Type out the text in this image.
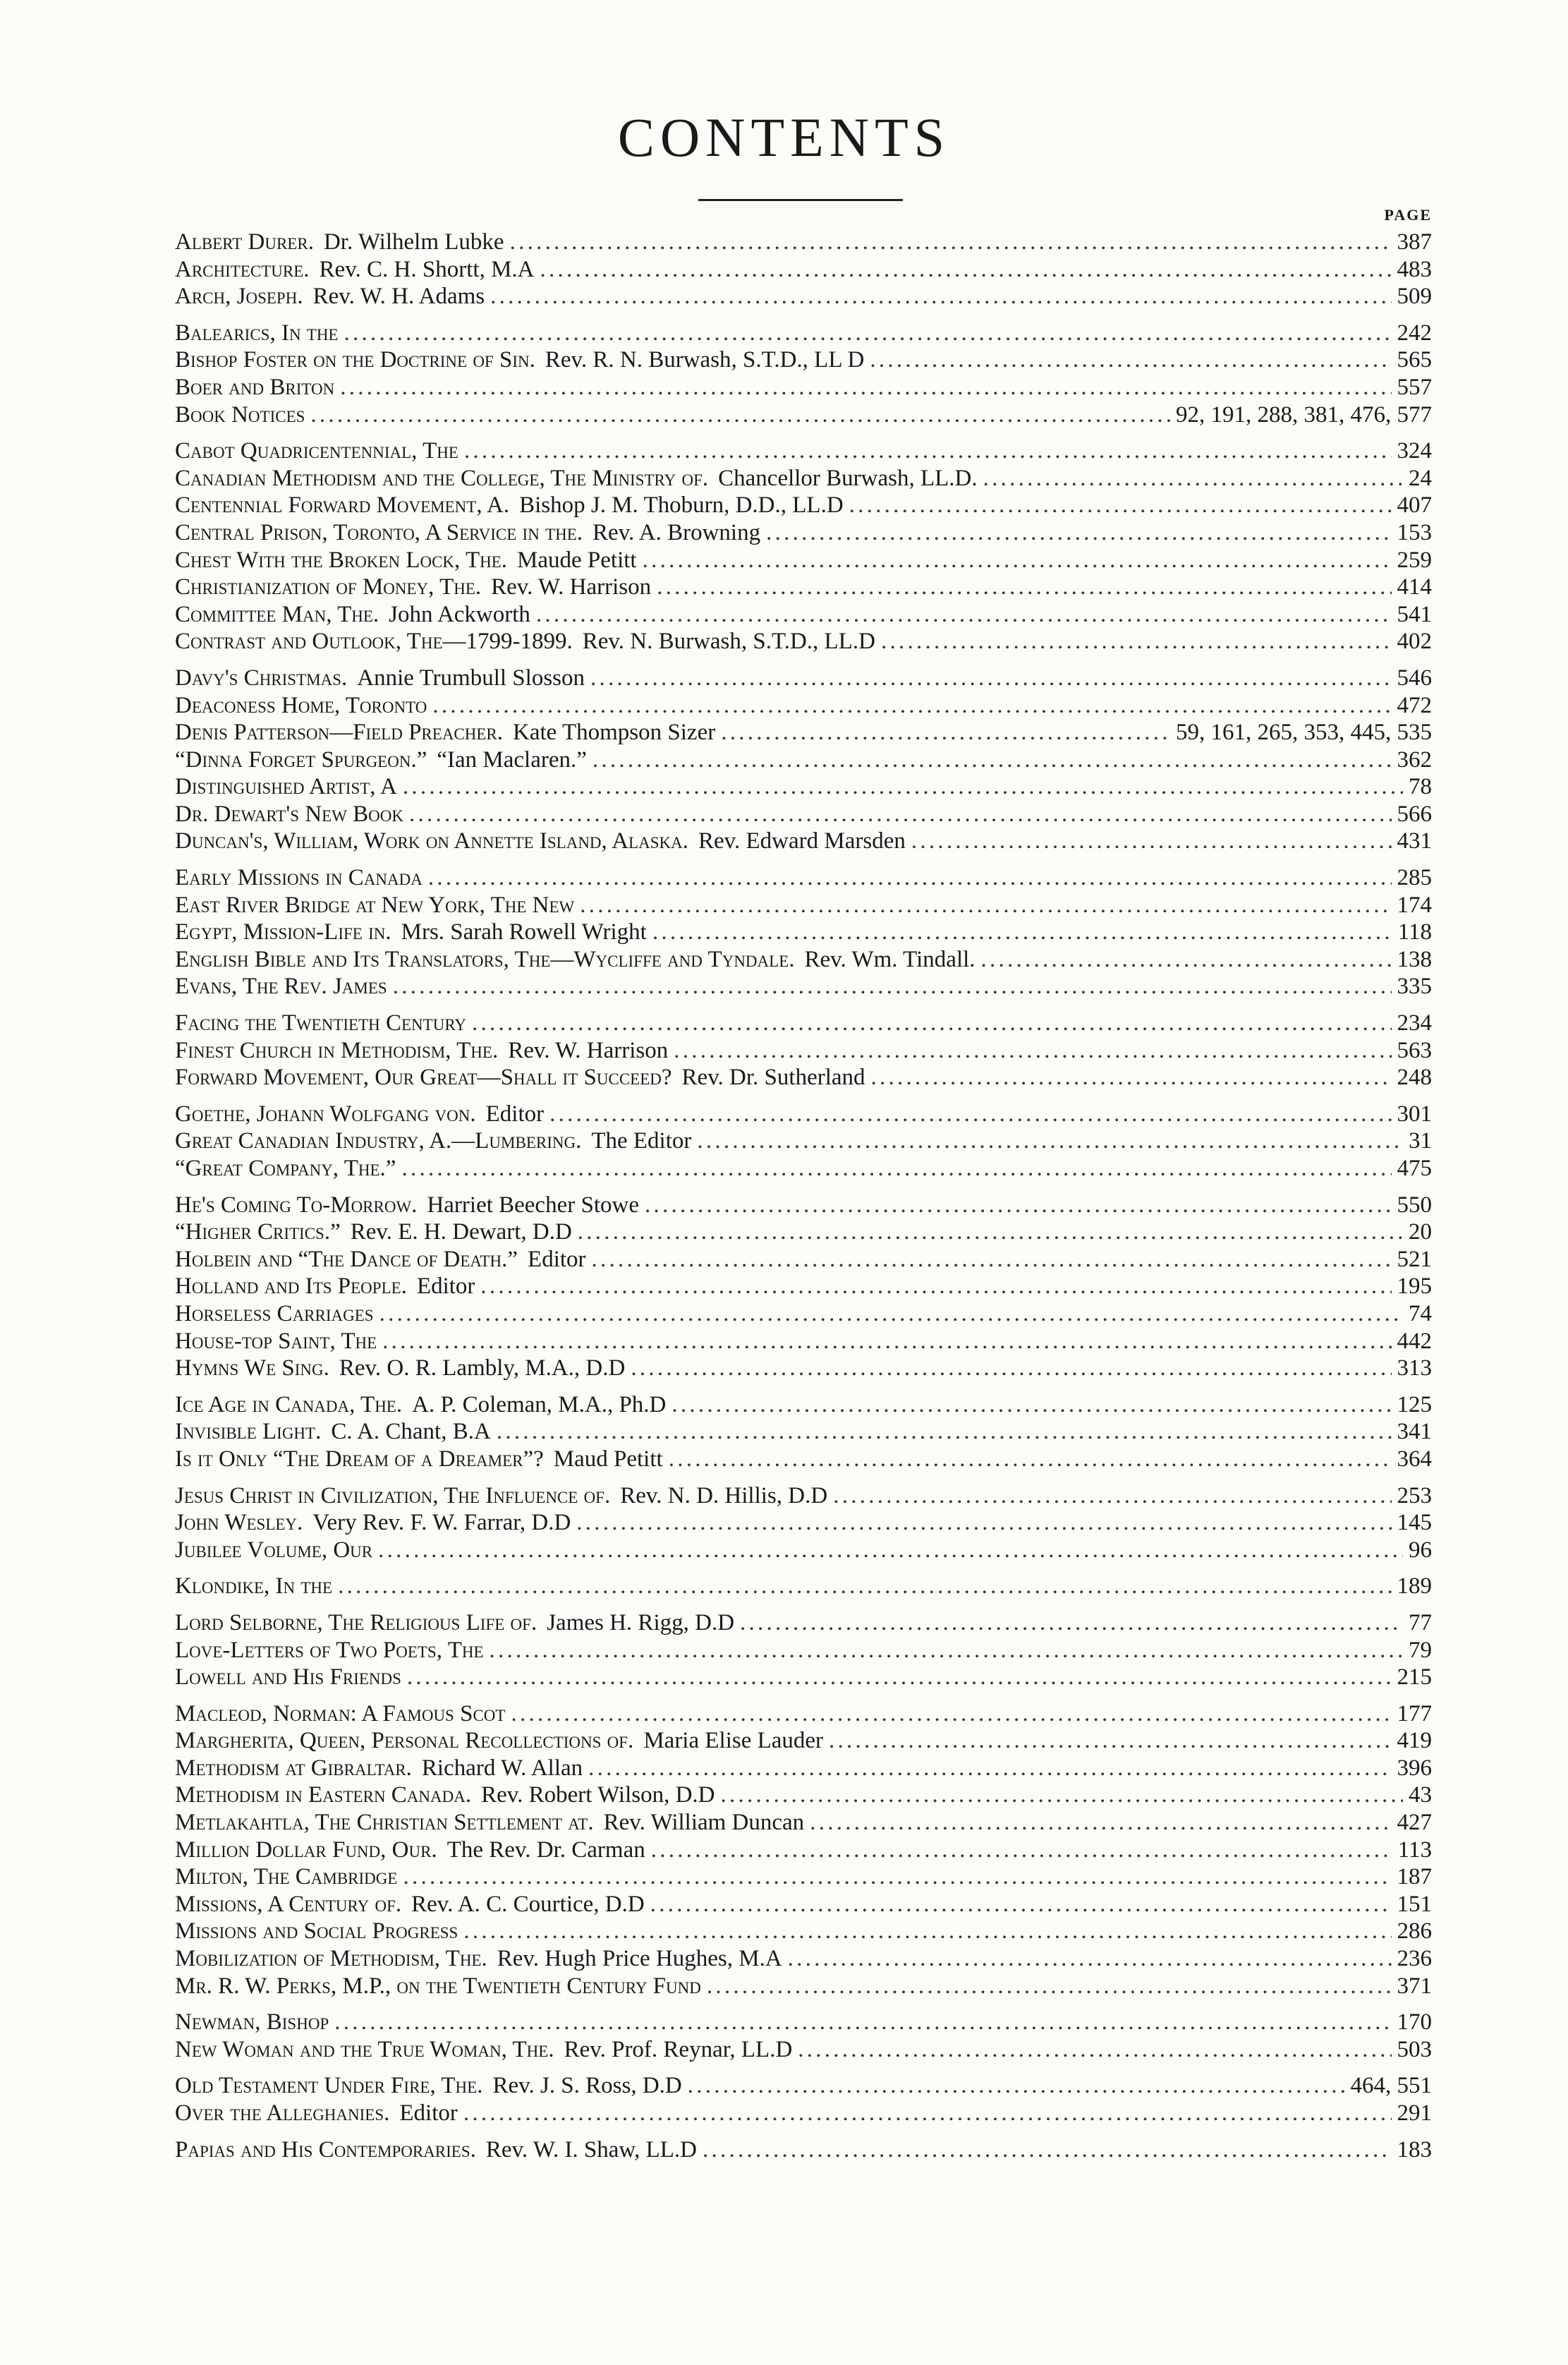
CONTENTS
PAGE
Albert Durer. Dr. Wilhelm Lubke . . .	387
Architecture. Rev. C. H. Shortt, M.A . . .	483
Arch, Joseph. Rev. W. H. Adams . . .	509
Balearics, In the . . .	242
Bishop Foster on the Doctrine of Sin. Rev. R. N. Burwash, S.T.D., LL D . . .	565
Boer and Briton . . .	557
Book Notices . . .	92, 191, 288, 381, 476, 577
Cabot Quadricentennial, The . . .	324
Canadian Methodism and the College, The Ministry of. Chancellor Burwash, LL.D. . . .	24
Centennial Forward Movement, A. Bishop J. M. Thoburn, D.D., LL.D . . .	407
Central Prison, Toronto, A Service in the. Rev. A. Browning . . .	153
Chest With the Broken Lock, The. Maude Petitt . . .	259
Christianization of Money, The. Rev. W. Harrison . . .	414
Committee Man, The. John Ackworth . . .	541
Contrast and Outlook, The—1799-1899. Rev. N. Burwash, S.T.D., LL.D . . .	402
Davy's Christmas. Annie Trumbull Slosson . . .	546
Deaconess Home, Toronto . . .	472
Denis Patterson—Field Preacher. Kate Thompson Sizer . . .	59, 161, 265, 353, 445, 535
“Dinna Forget Spurgeon.” “Ian Maclaren.” . . .	362
Distinguished Artist, A . . .	78
Dr. Dewart's New Book . . .	566
Duncan's, William, Work on Annette Island, Alaska. Rev. Edward Marsden . . .	431
Early Missions in Canada . . .	285
East River Bridge at New York, The New . . .	174
Egypt, Mission-Life in. Mrs. Sarah Rowell Wright . . .	118
English Bible and Its Translators, The—Wycliffe and Tyndale. Rev. Wm. Tindall. . . .	138
Evans, The Rev. James . . .	335
Facing the Twentieth Century . . .	234
Finest Church in Methodism, The. Rev. W. Harrison . . .	563
Forward Movement, Our Great—Shall it Succeed? Rev. Dr. Sutherland . . .	248
Goethe, Johann Wolfgang von. Editor . . .	301
Great Canadian Industry, A.—Lumbering. The Editor . . .	31
“Great Company, The.” . . .	475
He's Coming To-Morrow. Harriet Beecher Stowe . . .	550
“Higher Critics.” Rev. E. H. Dewart, D.D . . .	20
Holbein and “The Dance of Death.” Editor . . .	521
Holland and Its People. Editor . . .	195
Horseless Carriages . . .	74
House-top Saint, The . . .	442
Hymns We Sing. Rev. O. R. Lambly, M.A., D.D . . .	313
Ice Age in Canada, The. A. P. Coleman, M.A., Ph.D . . .	125
Invisible Light. C. A. Chant, B.A . . .	341
Is it Only “The Dream of a Dreamer”? Maud Petitt . . .	364
Jesus Christ in Civilization, The Influence of. Rev. N. D. Hillis, D.D . . .	253
John Wesley. Very Rev. F. W. Farrar, D.D . . .	145
Jubilee Volume, Our . . .	96
Klondike, In the . . .	189
Lord Selborne, The Religious Life of. James H. Rigg, D.D . . .	77
Love-Letters of Two Poets, The . . .	79
Lowell and His Friends . . .	215
Macleod, Norman: A Famous Scot . . .	177
Margherita, Queen, Personal Recollections of. Maria Elise Lauder . . .	419
Methodism at Gibraltar. Richard W. Allan . . .	396
Methodism in Eastern Canada. Rev. Robert Wilson, D.D . . .	43
Metlakahtla, The Christian Settlement at. Rev. William Duncan . . .	427
Million Dollar Fund, Our. The Rev. Dr. Carman . . .	113
Milton, The Cambridge . . .	187
Missions, A Century of. Rev. A. C. Courtice, D.D . . .	151
Missions and Social Progress . . .	286
Mobilization of Methodism, The. Rev. Hugh Price Hughes, M.A . . .	236
Mr. R. W. Perks, M.P., on the Twentieth Century Fund . . .	371
Newman, Bishop . . .	170
New Woman and the True Woman, The. Rev. Prof. Reynar, LL.D . . .	503
Old Testament Under Fire, The. Rev. J. S. Ross, D.D . . .	464, 551
Over the Alleghanies. Editor . . .	291
Papias and His Contemporaries. Rev. W. I. Shaw, LL.D . . .	183
